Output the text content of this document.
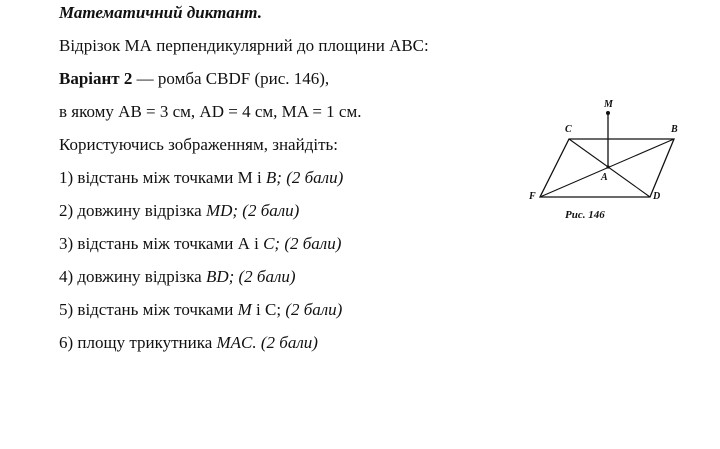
Математичний диктант.
Відрізок МА перпендикулярний до площини ABC:
Варіант 2 — ромба CBDF (рис. 146),
в якому AB = 3 см, AD = 4 см, MA = 1 см.
Користуючись зображенням, знайдіть:
1) відстань між точками М і B; (2 бали)
2) довжину відрізка MD; (2 бали)
3) відстань між точками А і C; (2 бали)
4) довжину відрізка BD; (2 бали)
5) відстань між точками M і С; (2 бали)
6) площу трикутника MAC. (2 бали)
M
C	B
A
F	D
Рис. 146
